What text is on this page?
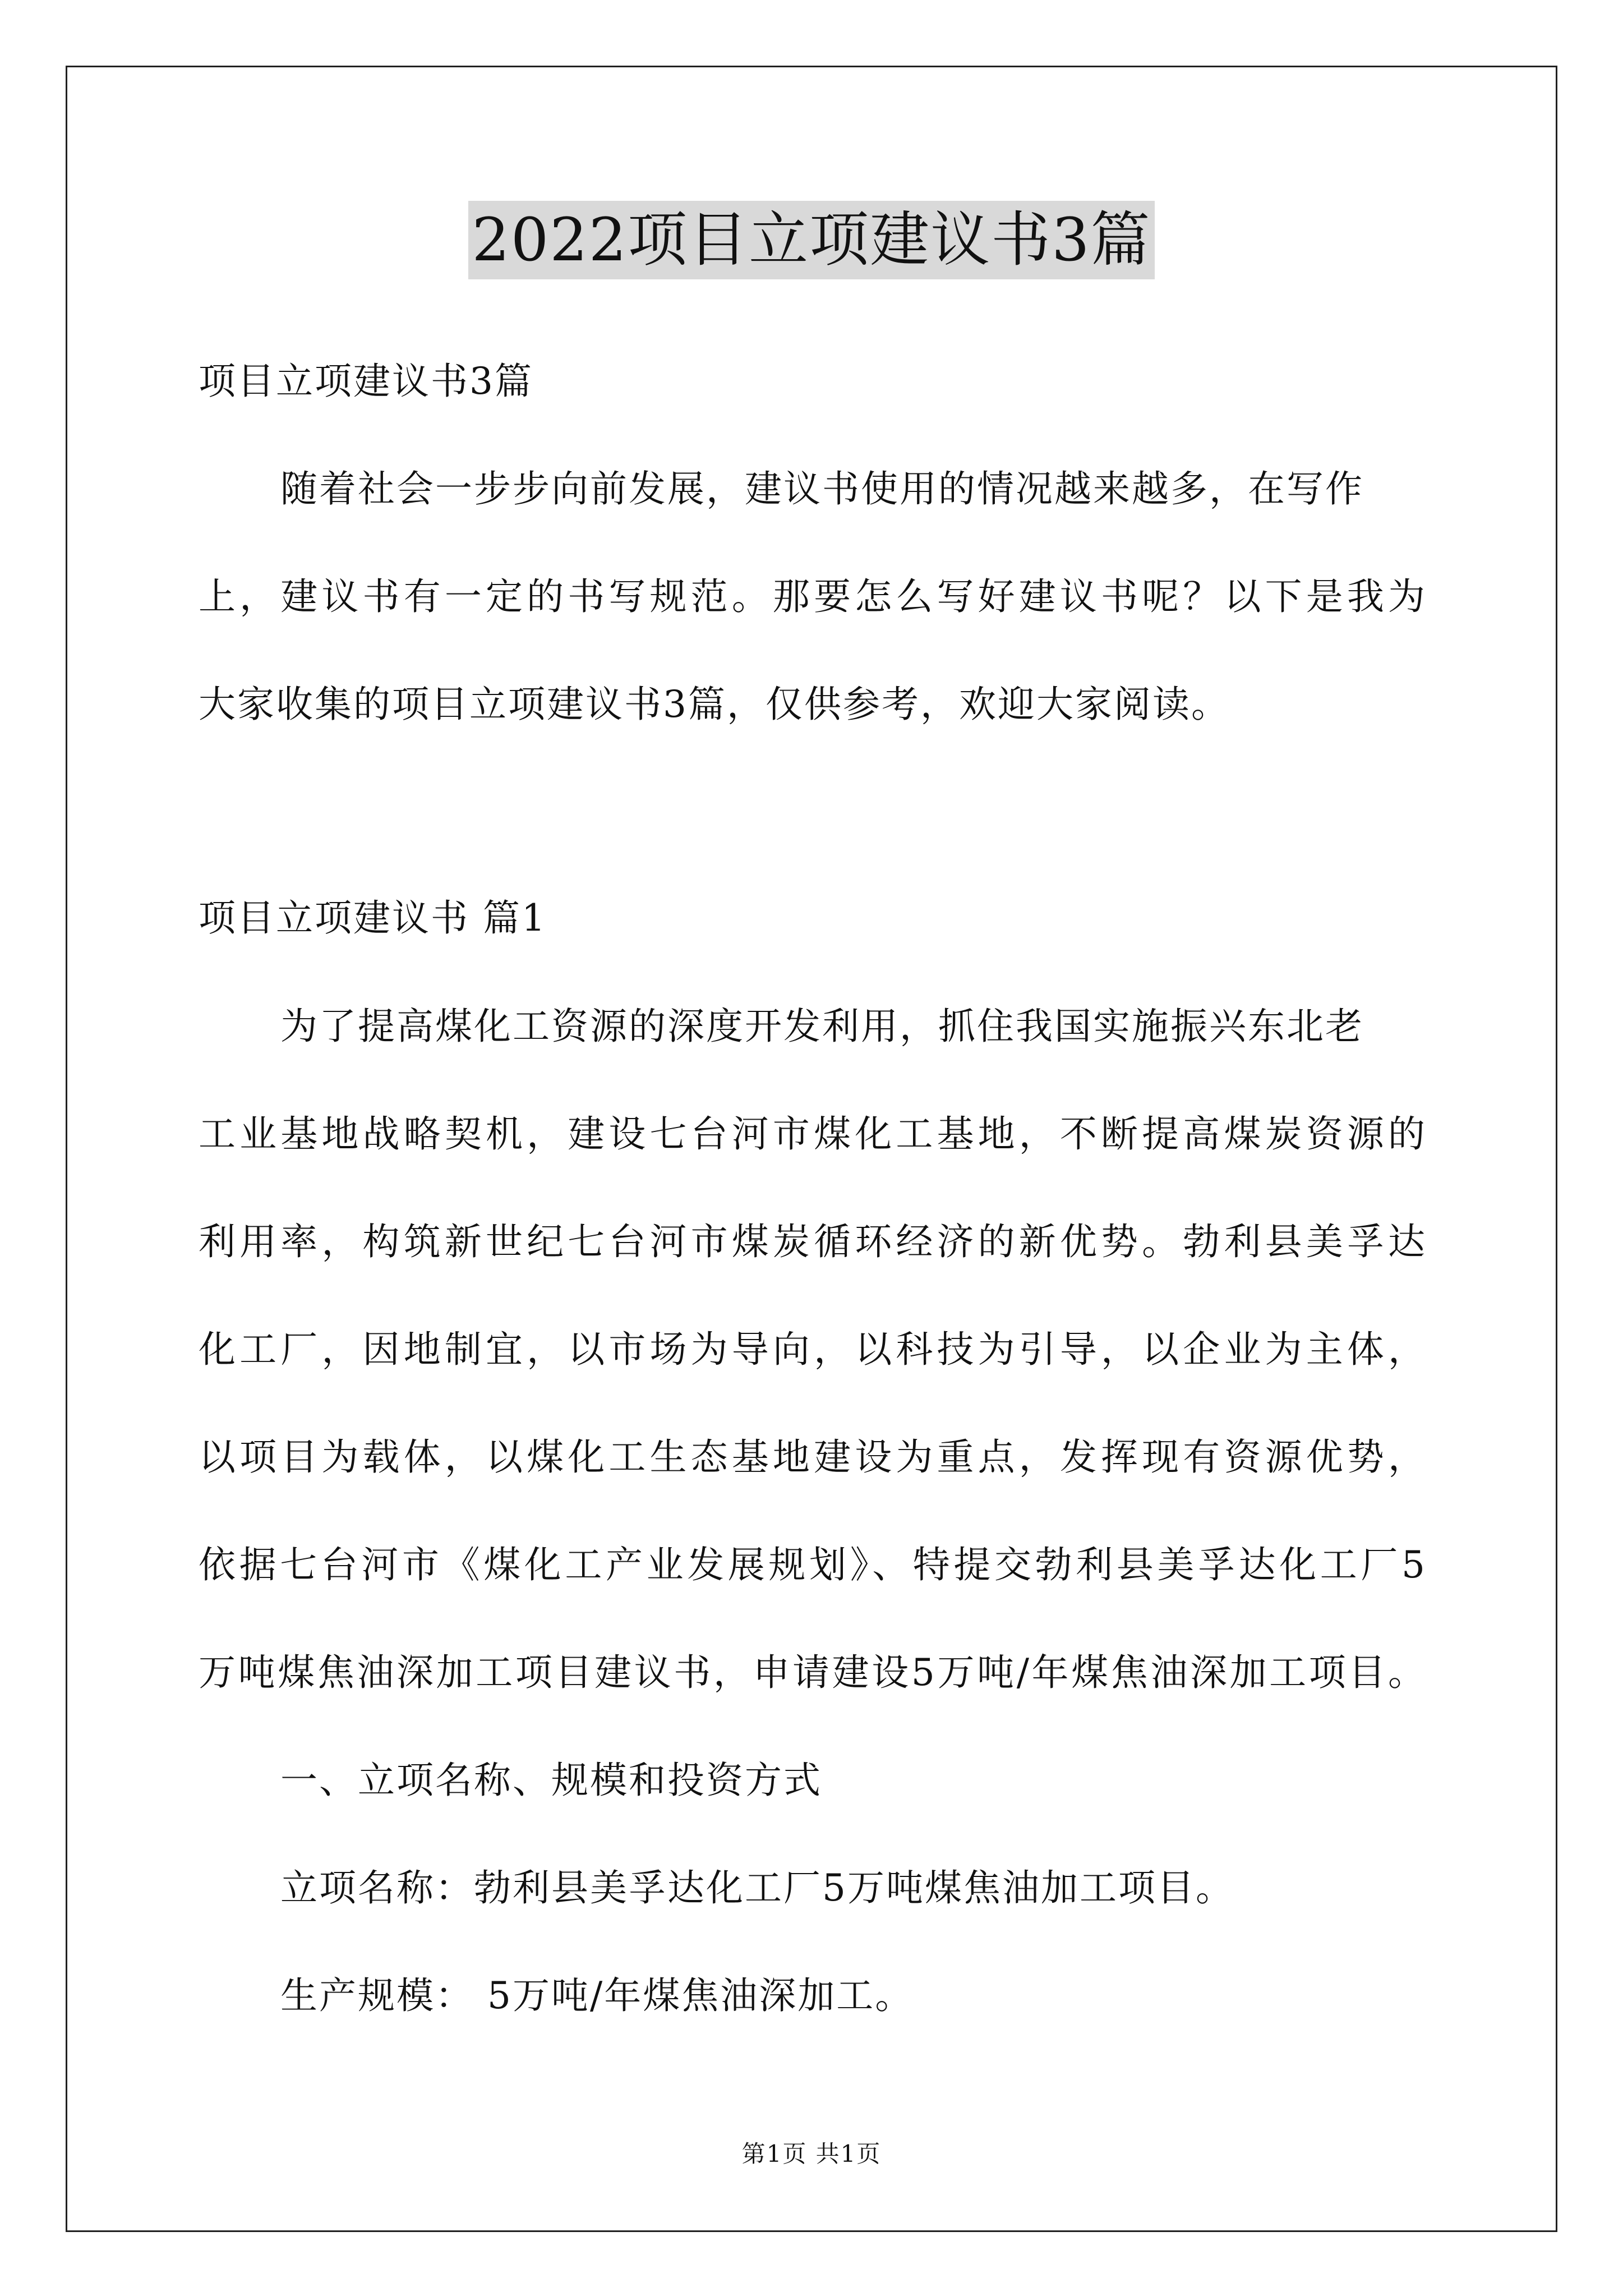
2022项目立项建议书3篇
项目立项建议书3篇
随着社会一步步向前发展，建议书使用的情况越来越多，在写作
上，建议书有一定的书写规范。那要怎么写好建议书呢？以下是我为
大家收集的项目立项建议书3篇，仅供参考，欢迎大家阅读。
项目立项建议书 篇1
为了提高煤化工资源的深度开发利用，抓住我国实施振兴东北老
工业基地战略契机，建设七台河市煤化工基地，不断提高煤炭资源的
利用率，构筑新世纪七台河市煤炭循环经济的新优势。勃利县美孚达
化工厂，因地制宜，以市场为导向，以科技为引导，以企业为主体，
以项目为载体，以煤化工生态基地建设为重点，发挥现有资源优势，
依据七台河市《煤化工产业发展规划》、特提交勃利县美孚达化工厂5
万吨煤焦油深加工项目建议书，申请建设5万吨/年煤焦油深加工项目。
一、立项名称、规模和投资方式
立项名称：勃利县美孚达化工厂5万吨煤焦油加工项目。
生产规模： 5万吨/年煤焦油深加工。
第1页 共1页
